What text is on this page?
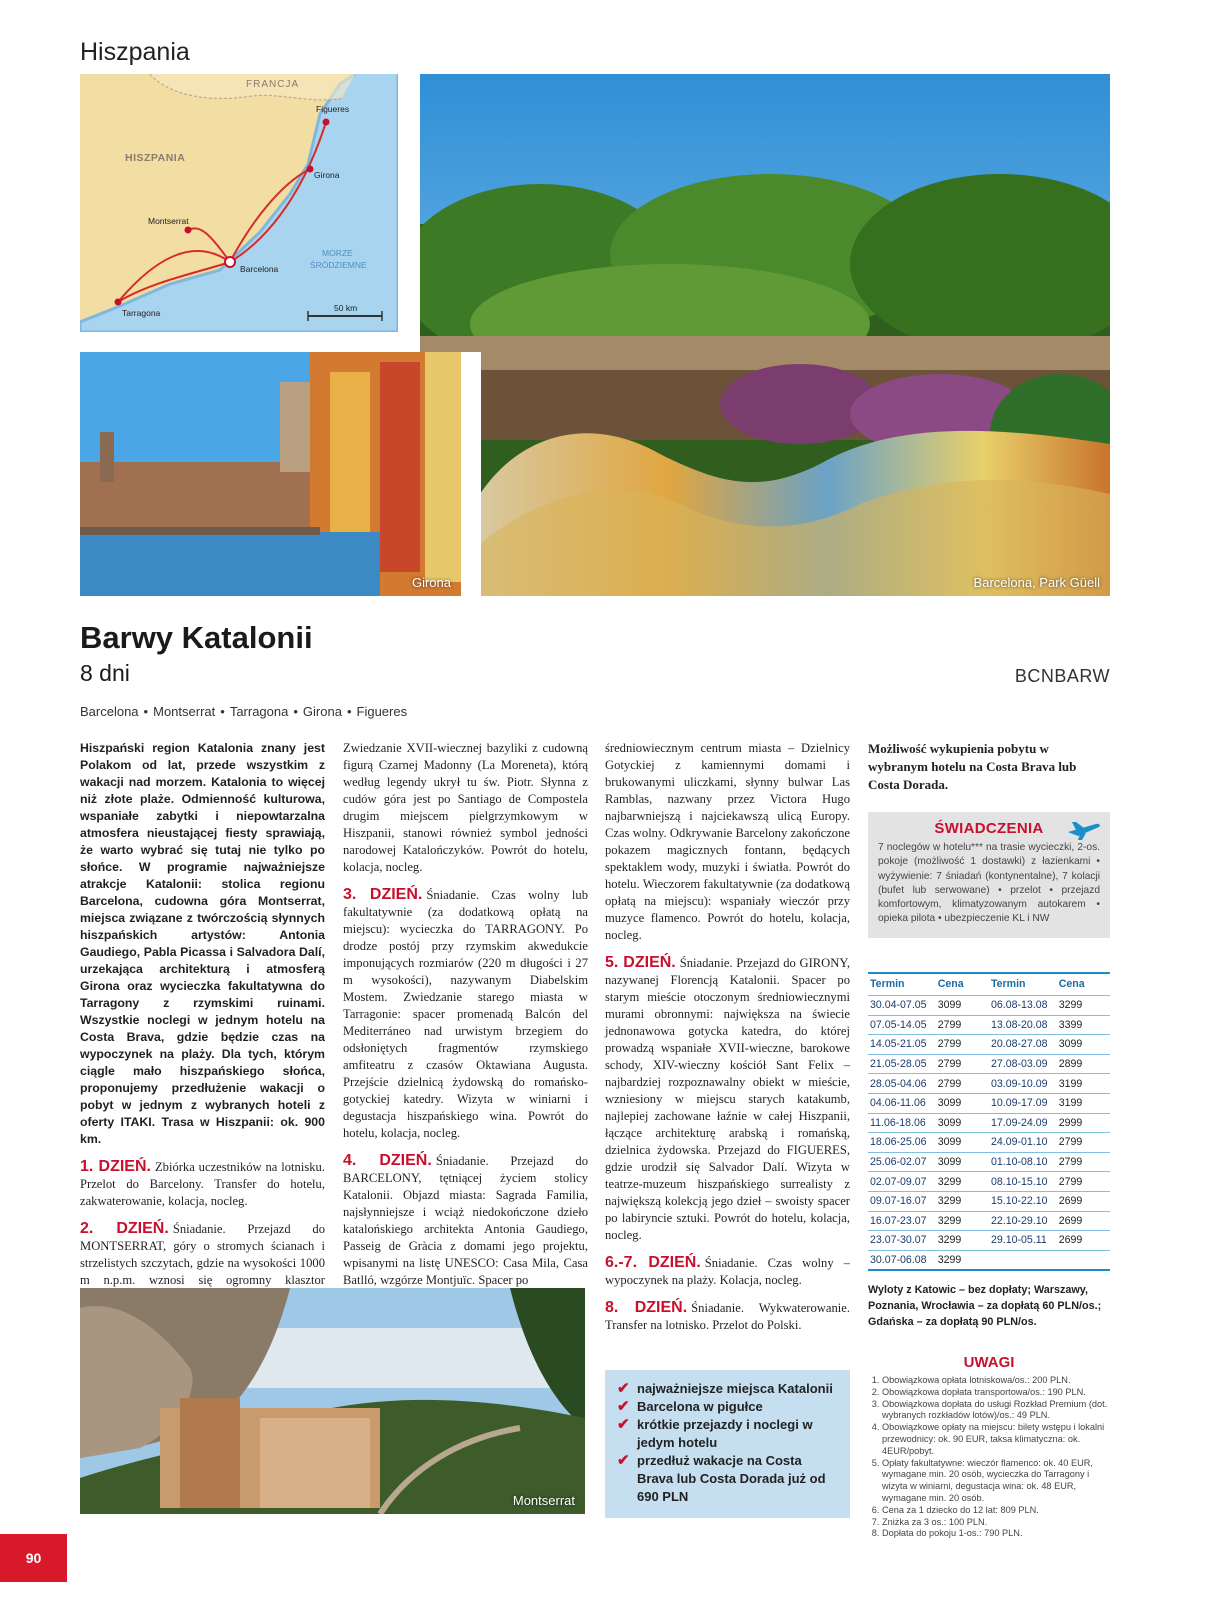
Hiszpania
FRANCJA
HISZPANIA
MORZE
ŚRÓDZIEMNE
Figueres
Girona
Montserrat
Barcelona
Tarragona	50 km
Barcelona, Park Güell
Girona
Barwy Katalonii
8 dni	BCNBARW
Barcelona • Montserrat • Tarragona • Girona • Figueres

Hiszpański region Katalonia znany jest Polakom od lat, przede wszystkim z wakacji nad morzem. Katalonia to więcej niż złote plaże. Odmienność kulturowa, wspaniałe zabytki i niepowtarzalna atmosfera nieustającej fiesty sprawiają, że warto wybrać się tutaj nie tylko po słońce. W programie najważniejsze atrakcje Katalonii: stolica regionu Barcelona, cudowna góra Montserrat, miejsca związane z twórczością słynnych hiszpańskich artystów: Antonia Gaudiego, Pabla Picassa i Salvadora Dalí, urzekająca architekturą i atmosferą Girona oraz wycieczka fakultatywna do Tarragony z rzymskimi ruinami. Wszystkie noclegi w jednym hotelu na Costa Brava, gdzie będzie czas na wypoczynek na plaży. Dla tych, którym ciągle mało hiszpańskiego słońca, proponujemy przedłużenie wakacji o pobyt w jednym z wybranych hoteli z oferty ITAKI. Trasa w Hiszpanii: ok. 900 km.

1. DZIEŃ. Zbiórka uczestników na lotnisku. Przelot do Barcelony. Transfer do hotelu, zakwaterowanie, kolacja, nocleg.

2. DZIEŃ. Śniadanie. Przejazd do MONTSERRAT, góry o stromych ścianach i strzelistych szczytach, gdzie na wysokości 1000 m n.p.m. wznosi się ogromny klasztor

Zwiedzanie XVII-wiecznej bazyliki z cudowną figurą Czarnej Madonny (La Moreneta), którą według legendy ukrył tu św. Piotr. Słynna z cudów góra jest po Santiago de Compostela drugim miejscem pielgrzymkowym w Hiszpanii, stanowi również symbol jedności narodowej Katalończyków. Powrót do hotelu, kolacja, nocleg.

3. DZIEŃ. Śniadanie. Czas wolny lub fakultatywnie (za dodatkową opłatą na miejscu): wycieczka do TARRAGONY. Po drodze postój przy rzymskim akwedukcie imponujących rozmiarów (220 m długości i 27 m wysokości), nazywanym Diabelskim Mostem. Zwiedzanie starego miasta w Tarragonie: spacer promenadą Balcón del Mediterráneo nad urwistym brzegiem do odsłoniętych fragmentów rzymskiego amfiteatru z czasów Oktawiana Augusta. Przejście dzielnicą żydowską do romańsko-gotyckiej katedry. Wizyta w winiarni i degustacja hiszpańskiego wina. Powrót do hotelu, kolacja, nocleg.

4. DZIEŃ. Śniadanie. Przejazd do BARCELONY, tętniącej życiem stolicy Katalonii. Objazd miasta: Sagrada Familia, najsłynniejsze i wciąż niedokończone dzieło katalońskiego architekta Antonia Gaudiego, Passeig de Gràcia z domami jego projektu, wpisanymi na listę UNESCO: Casa Mila, Casa Batlló, wzgórze Montjuïc. Spacer po

średniowiecznym centrum miasta – Dzielnicy Gotyckiej z kamiennymi domami i brukowanymi uliczkami, słynny bulwar Las Ramblas, nazwany przez Victora Hugo najbarwniejszą i najciekawszą ulicą Europy. Czas wolny. Odkrywanie Barcelony zakończone pokazem magicznych fontann, będących spektaklem wody, muzyki i światła. Powrót do hotelu. Wieczorem fakultatywnie (za dodatkową opłatą na miejscu): wspaniały wieczór przy muzyce flamenco. Powrót do hotelu, kolacja, nocleg.

5. DZIEŃ. Śniadanie. Przejazd do GIRONY, nazywanej Florencją Katalonii. Spacer po starym mieście otoczonym średniowiecznymi murami obronnymi: największa na świecie jednonawowa gotycka katedra, do której prowadzą wspaniałe XVII-wieczne, barokowe schody, XIV-wieczny kościół Sant Felix – najbardziej rozpoznawalny obiekt w mieście, wzniesiony w miejscu starych katakumb, najlepiej zachowane łaźnie w całej Hiszpanii, łączące architekturę arabską i romańską, dzielnica żydowska. Przejazd do FIGUERES, gdzie urodził się Salvador Dalí. Wizyta w teatrze-muzeum hiszpańskiego surrealisty z największą kolekcją jego dzieł – swoisty spacer po labiryncie sztuki. Powrót do hotelu, kolacja, nocleg.

6.-7. DZIEŃ. Śniadanie. Czas wolny – wypoczynek na plaży. Kolacja, nocleg.

8. DZIEŃ. Śniadanie. Wykwaterowanie. Transfer na lotnisko. Przelot do Polski.

✔ najważniejsze miejsca Katalonii
✔ Barcelona w pigułce
✔ krótkie przejazdy i noclegi w jedym hotelu
✔ przedłuż wakacje na Costa Brava lub Costa Dorada już od 690 PLN
Montserrat
Możliwość wykupienia pobytu w wybranym hotelu na Costa Brava lub Costa Dorada.
ŚWIADCZENIA
7 noclegów w hotelu*** na trasie wycieczki, 2-os. pokoje (możliwość 1 dostawki) z łazienkami • wyżywienie: 7 śniadań (kontynentalne), 7 kolacji (bufet lub serwowane) • przelot • przejazd komfortowym, klimatyzowanym autokarem • opieka pilota • ubezpieczenie KL i NW
Termin	Cena	Termin	Cena
30.04-07.05	3099	06.08-13.08	3299
07.05-14.05	2799	13.08-20.08	3399
14.05-21.05	2799	20.08-27.08	3099
21.05-28.05	2799	27.08-03.09	2899
28.05-04.06	2799	03.09-10.09	3199
04.06-11.06	3099	10.09-17.09	3199
11.06-18.06	3099	17.09-24.09	2999
18.06-25.06	3099	24.09-01.10	2799
25.06-02.07	3099	01.10-08.10	2799
02.07-09.07	3299	08.10-15.10	2799
09.07-16.07	3299	15.10-22.10	2699
16.07-23.07	3299	22.10-29.10	2699
23.07-30.07	3299	29.10-05.11	2699
30.07-06.08	3299		
Wyloty z Katowic – bez dopłaty; Warszawy, Poznania, Wrocławia – za dopłatą 60 PLN/os.; Gdańska – za dopłatą 90 PLN/os.
UWAGI
1. Obowiązkowa opłata lotniskowa/os.: 200 PLN.
2. Obowiązkowa dopłata transportowa/os.: 190 PLN.
3. Obowiązkowa dopłata do usługi Rozkład Premium (dot. wybranych rozkładów lotów)/os.: 49 PLN.
4. Obowiązkowe opłaty na miejscu: bilety wstępu i lokalni przewodnicy: ok. 90 EUR, taksa klimatyczna: ok. 4EUR/pobyt.
5. Opłaty fakultatywne: wieczór flamenco: ok. 40 EUR, wymagane min. 20 osób, wycieczka do Tarragony i wizyta w winiarni, degustacja wina: ok. 48 EUR, wymagane min. 20 osób.
6. Cena za 1 dziecko do 12 lat: 809 PLN.
7. Zniżka za 3 os.: 100 PLN.
8. Dopłata do pokoju 1-os.: 790 PLN.
90
